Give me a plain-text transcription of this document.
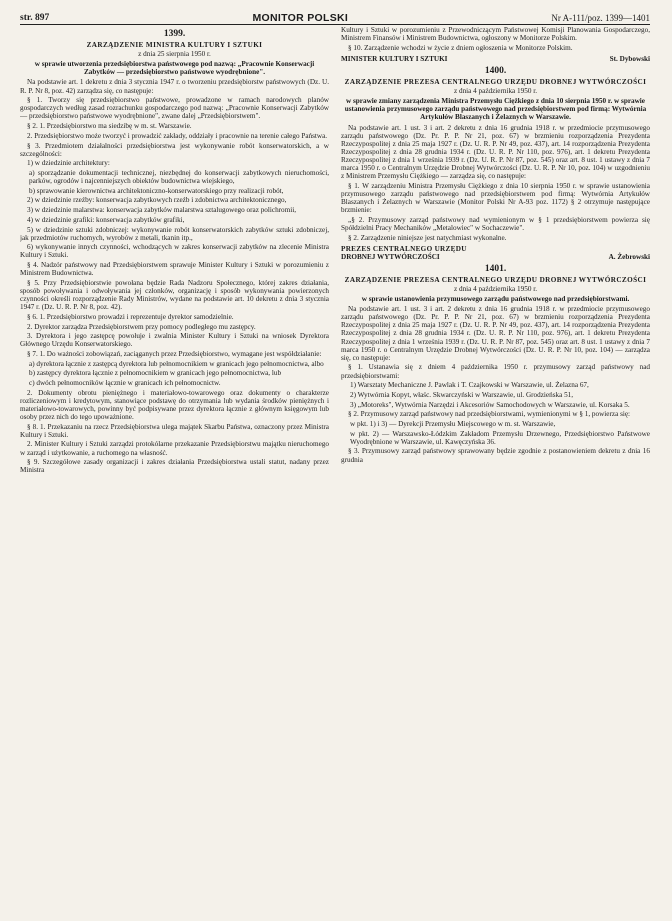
str. 897	MONITOR POLSKI	Nr A-111/poz. 1399—1401
1399.
ZARZĄDZENIE MINISTRA KULTURY I SZTUKI
z dnia 25 sierpnia 1950 r.
w sprawie utworzenia przedsiębiorstwa państwowego pod nazwą: „Pracownie Konserwacji Zabytków — przedsiębiorstwo państwowe wyodrębnione".

Na podstawie art. 1 dekretu z dnia 3 stycznia 1947 r. o tworzeniu przedsiębiorstw państwowych (Dz. U. R. P. Nr 8, poz. 42) zarządza się, co następuje:

§ 1. Tworzy się przedsiębiorstwo państwowe, prowadzone w ramach narodowych planów gospodarczych według zasad rozrachunku gospodarczego pod nazwą: „Pracownie Konserwacji Zabytków — przedsiębiorstwo państwowe wyodrębnione", zwane dalej „Przedsiębiorstwem".

§ 2. 1. Przedsiębiorstwo ma siedzibę w m. st. Warszawie.

2. Przedsiębiorstwo może tworzyć i prowadzić zakłady, oddziały i pracownie na terenie całego Państwa.

§ 3. Przedmiotem działalności przedsiębiorstwa jest wykonywanie robót konserwatorskich, a w szczególności:

1) w dziedzinie architektury:

a) sporządzanie dokumentacji technicznej, niezbędnej do konserwacji zabytkowych nieruchomości, parków, ogrodów i najcenniejszych obiektów budownictwa wiejskiego,

b) sprawowanie kierownictwa architektoniczno-konserwatorskiego przy realizacji robót,

2) w dziedzinie rzeźby: konserwacja zabytkowych rzeźb i zdobnictwa architektonicznego,

3) w dziedzinie malarstwa: konserwacja zabytków malarstwa sztalugowego oraz polichromii,

4) w dziedzinie grafiki: konserwacja zabytków grafiki,

5) w dziedzinie sztuki zdobniczej: wykonywanie robót konserwatorskich zabytków sztuki zdobniczej, jak przedmiotów ruchomych, wyrobów z metali, tkanin itp.,

6) wykonywanie innych czynności, wchodzących w zakres konserwacji zabytków na zlecenie Ministra Kultury i Sztuki.

§ 4. Nadzór państwowy nad Przedsiębiorstwem sprawuje Minister Kultury i Sztuki w porozumieniu z Ministrem Budownictwa.

§ 5. Przy Przedsiębiorstwie powołana będzie Rada Nadzoru Społecznego, której zakres działania, sposób powoływania i odwoływania jej członków, organizację i sposób wykonywania powierzonych czynności określi rozporządzenie Rady Ministrów, wydane na podstawie art. 10 dekretu z dnia 3 stycznia 1947 r. (Dz. U. R. P. Nr 8, poz. 42).

§ 6. 1. Przedsiębiorstwo prowadzi i reprezentuje dyrektor samodzielnie.

2. Dyrektor zarządza Przedsiębiorstwem przy pomocy podległego mu zastępcy.

3. Dyrektora i jego zastępcę powołuje i zwalnia Minister Kultury i Sztuki na wniosek Dyrektora Głównego Urzędu Konserwatorskiego.

§ 7. 1. Do ważności zobowiązań, zaciąganych przez Przedsiębiorstwo, wymagane jest współdziałanie:

a) dyrektora łącznie z zastępcą dyrektora lub pełnomocnikiem w granicach jego pełnomocnictwa, albo

b) zastępcy dyrektora łącznie z pełnomocnikiem w granicach jego pełnomocnictwa, lub

c) dwóch pełnomocników łącznie w granicach ich pełnomocnictw.

2. Dokumenty obrotu pieniężnego i materiałowo-towarowego oraz dokumenty o charakterze rozliczeniowym i kredytowym, stanowiące podstawę do otrzymania lub wydania środków pieniężnych i materiałowo-towarowych, powinny być podpisywane przez dyrektora łącznie z głównym księgowym lub osoby przez nich do tego upoważnione.

§ 8. 1. Przekazaniu na rzecz Przedsiębiorstwa ulega majątek Skarbu Państwa, oznaczony przez Ministra Kultury i Sztuki.

2. Minister Kultury i Sztuki zarządzi protokólarne przekazanie Przedsiębiorstwu majątku nieruchomego w zarząd i użytkowanie, a ruchomego na własność.

§ 9. Szczegółowe zasady organizacji i zakres działania Przedsiębiorstwa ustali statut, nadany przez Ministra

Kultury i Sztuki w porozumieniu z Przewodniczącym Państwowej Komisji Planowania Gospodarczego, Ministrem Finansów i Ministrem Budownictwa, ogłoszony w Monitorze Polskim.

§ 10. Zarządzenie wchodzi w życie z dniem ogłoszenia w Monitorze Polskim.

MINISTER KULTURY I SZTUKI	St. Dybowski
1400.
ZARZĄDZENIE PREZESA CENTRALNEGO URZĘDU DROBNEJ WYTWÓRCZOŚCI
z dnia 4 października 1950 r.
w sprawie zmiany zarządzenia Ministra Przemysłu Ciężkiego z dnia 10 sierpnia 1950 r. w sprawie ustanowienia przymusowego zarządu państwowego nad przedsiębiorstwem pod firmą: Wytwórnia Artykułów Blaszanych i Żelaznych w Warszawie.

Na podstawie art. 1 ust. 3 i art. 2 dekretu z dnia 16 grudnia 1918 r. w przedmiocie przymusowego zarządu państwowego (Dz. Pr. P. P. Nr 21, poz. 67) w brzmieniu rozporządzenia Prezydenta Rzeczypospolitej z dnia 25 maja 1927 r. (Dz. U. R. P. Nr 49, poz. 437), art. 14 rozporządzenia Prezydenta Rzeczypospolitej z dnia 28 grudnia 1934 r. (Dz. U. R. P. Nr 110, poz. 976), art. 1 dekretu Prezydenta Rzeczypospolitej z dnia 1 września 1939 r. (Dz. U. R. P. Nr 87, poz. 545) oraz art. 8 ust. 1 ustawy z dnia 7 marca 1950 r. o Centralnym Urzędzie Drobnej Wytwórczości (Dz. U. R. P. Nr 10, poz. 104) w uzgodnieniu z Ministrem Przemysłu Ciężkiego — zarządza się, co następuje:

§ 1. W zarządzeniu Ministra Przemysłu Ciężkiego z dnia 10 sierpnia 1950 r. w sprawie ustanowienia przymusowego zarządu państwowego nad przedsiębiorstwem pod firmą: Wytwórnia Artykułów Blaszanych i Żelaznych w Warszawie (Monitor Polski Nr A-93 poz. 1172) § 2 otrzymuje następujące brzmienie:

„§ 2. Przymusowy zarząd państwowy nad wymienionym w § 1 przedsiębiorstwem powierza się Spółdzielni Pracy Mechaników „Metalowiec" w Sochaczewie".

§ 2. Zarządzenie niniejsze jest natychmiast wykonalne.

PREZES CENTRALNEGO URZĘDU
DROBNEJ WYTWÓRCZOŚCI	A. Żebrowski
1401.
ZARZĄDZENIE PREZESA CENTRALNEGO URZĘDU DROBNEJ WYTWÓRCZOŚCI
z dnia 4 października 1950 r.
w sprawie ustanowienia przymusowego zarządu państwowego nad przedsiębiorstwami.

Na podstawie art. 1 ust. 3 i art. 2 dekretu z dnia 16 grudnia 1918 r. w przedmiocie przymusowego zarządu państwowego (Dz. Pr. P. P. Nr 21, poz. 67) w brzmieniu rozporządzenia Prezydenta Rzeczypospolitej z dnia 25 maja 1927 r. (Dz. U. R. P. Nr 49, poz. 437), art. 14 rozporządzenia Prezydenta Rzeczypospolitej z dnia 28 grudnia 1934 r. (Dz. U. R. P. Nr 110, poz. 976), art. 1 dekretu Prezydenta Rzeczypospolitej z dnia 1 września 1939 r. (Dz. U. R. P. Nr 87, poz. 545) oraz art. 8 ust. 1 ustawy z dnia 7 marca 1950 r. o Centralnym Urzędzie Drobnej Wytwórczości (Dz. U. R. P. Nr 10, poz. 104) — zarządza się, co następuje:

§ 1. Ustanawia się z dniem 4 października 1950 r. przymusowy zarząd państwowy nad przedsiębiorstwami:

1) Warsztaty Mechaniczne J. Pawlak i T. Czajkowski w Warszawie, ul. Żelazna 67,

2) Wytwórnia Kopyt, właśc. Skwarczyński w Warszawie, ul. Grodzieńska 51,

3) „Motoreks", Wytwórnia Narzędzi i Akcesoriów Samochodowych w Warszawie, ul. Korsaka 5.

§ 2. Przymusowy zarząd państwowy nad przedsiębiorstwami, wymienionymi w § 1, powierza się:

w pkt. 1) i 3) — Dyrekcji Przemysłu Miejscowego w m. st. Warszawie,

w pkt. 2) — Warszawsko-Łódzkim Zakładom Przemysłu Drzewnego, Przedsiębiorstwo Państwowe Wyodrębnione w Warszawie, ul. Kawęczyńska 36.

§ 3. Przymusowy zarząd państwowy sprawowany będzie zgodnie z postanowieniem dekretu z dnia 16 grudnia
